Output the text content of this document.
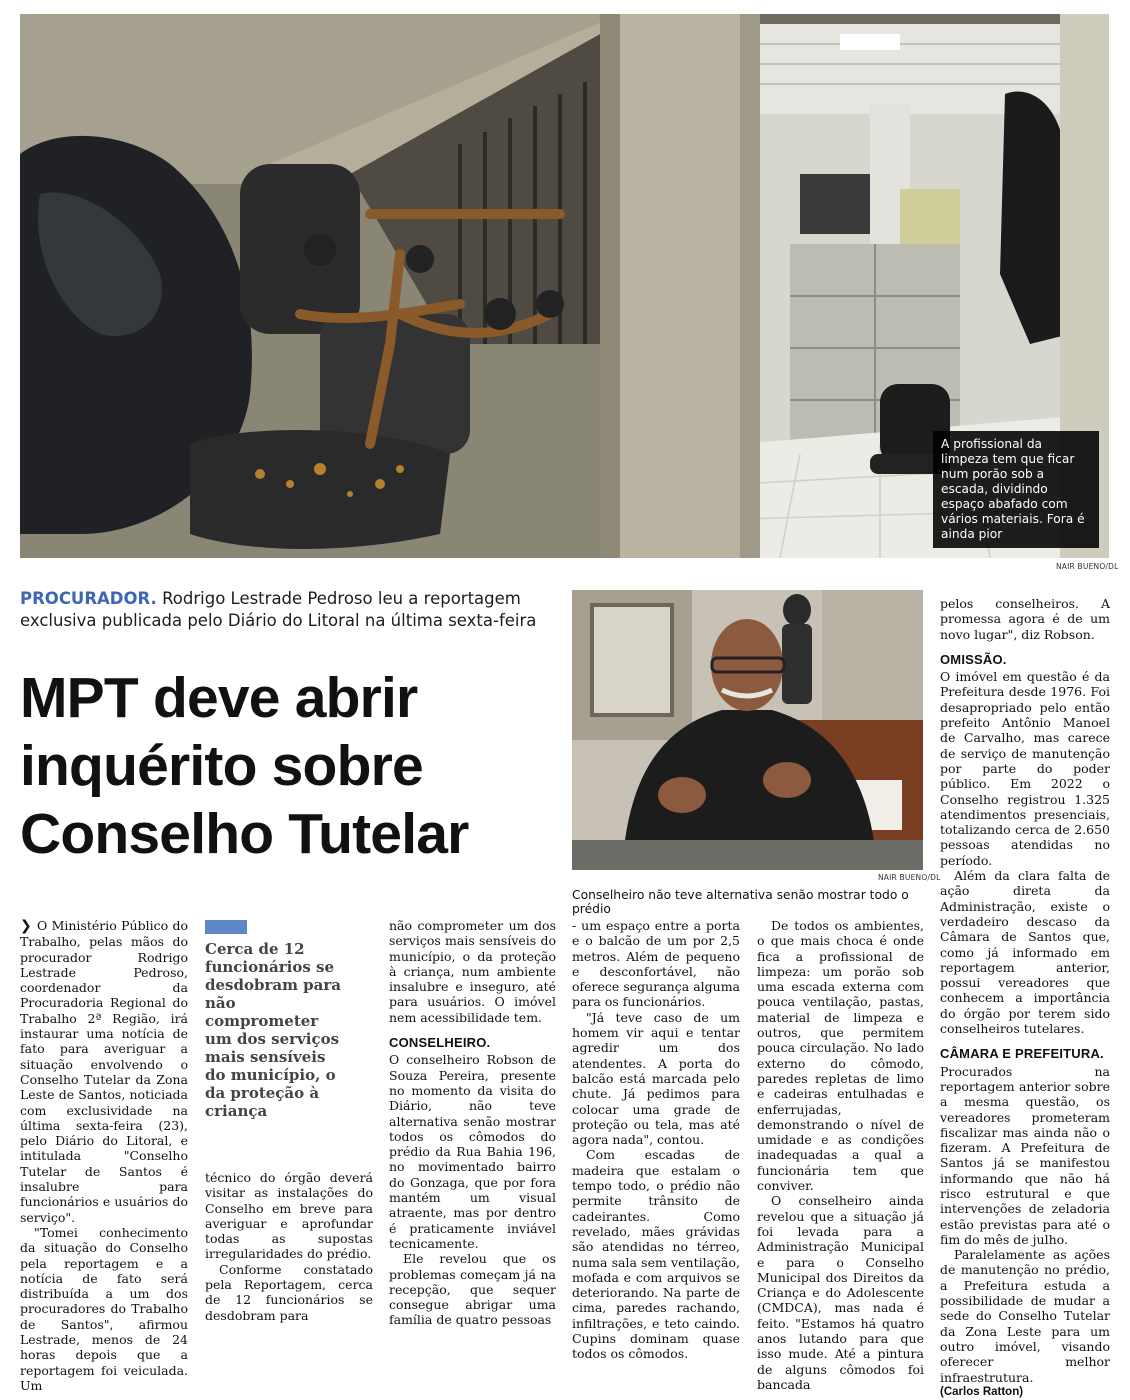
A profissional da limpeza tem que ficar num porão sob a escada, dividindo espaço abafado com vários materiais. Fora é ainda pior
NAIR BUENO/DL
PROCURADOR. Rodrigo Lestrade Pedroso leu a reportagem exclusiva publicada pelo Diário do Litoral na última sexta-feira
MPT deve abrir inquérito sobre Conselho Tutelar
NAIR BUENO/DL
Conselheiro não teve alternativa senão mostrar todo o prédio
Cerca de 12 funcionários se desdobram para não comprometer um dos serviços mais sensíveis do município, o da proteção à criança

❯ O Ministério Público do Trabalho, pelas mãos do procurador Rodrigo Lestrade Pedroso, coordenador da Procuradoria Regional do Trabalho 2ª Região, irá instaurar uma notícia de fato para averiguar a situação envolvendo o Conselho Tutelar da Zona Leste de Santos, noticiada com exclusividade na última sexta-feira (23), pelo Diário do Litoral, e intitulada "Conselho Tutelar de Santos é insalubre para funcionários e usuários do serviço".

"Tomei conhecimento da situação do Conselho pela reportagem e a notícia de fato será distribuída a um dos procuradores do Trabalho de Santos", afirmou Lestrade, menos de 24 horas depois que a reportagem foi veiculada. Um

técnico do órgão deverá visitar as instalações do Conselho em breve para averiguar e aprofundar todas as supostas irregularidades do prédio.

Conforme constatado pela Reportagem, cerca de 12 funcionários se desdobram para

não comprometer um dos serviços mais sensíveis do município, o da proteção à criança, num ambiente insalubre e inseguro, até para usuários. O imóvel nem acessibilidade tem.

CONSELHEIRO.

O conselheiro Robson de Souza Pereira, presente no momento da visita do Diário, não teve alternativa senão mostrar todos os cômodos do prédio da Rua Bahia 196, no movimentado bairro do Gonzaga, que por fora mantém um visual atraente, mas por dentro é praticamente inviável tecnicamente.

Ele revelou que os problemas começam já na recepção, que sequer consegue abrigar uma família de quatro pessoas

- um espaço entre a porta e o balcão de um por 2,5 metros. Além de pequeno e desconfortável, não oferece segurança alguma para os funcionários.

"Já teve caso de um homem vir aqui e tentar agredir um dos atendentes. A porta do balcão está marcada pelo chute. Já pedimos para colocar uma grade de proteção ou tela, mas até agora nada", contou.

Com escadas de madeira que estalam o tempo todo, o prédio não permite trânsito de cadeirantes. Como revelado, mães grávidas são atendidas no térreo, numa sala sem ventilação, mofada e com arquivos se deteriorando. Na parte de cima, paredes rachando, infiltrações, e teto caindo. Cupins dominam quase todos os cômodos.

De todos os ambientes, o que mais choca é onde fica a profissional de limpeza: um porão sob uma escada externa com pouca ventilação, pastas, material de limpeza e outros, que permitem pouca circulação. No lado externo do cômodo, paredes repletas de limo e cadeiras entulhadas e enferrujadas, demonstrando o nível de umidade e as condições inadequadas a qual a funcionária tem que conviver.

O conselheiro ainda revelou que a situação já foi levada para a Administração Municipal e para o Conselho Municipal dos Direitos da Criança e do Adolescente (CMDCA), mas nada é feito. "Estamos há quatro anos lutando para que isso mude. Até a pintura de alguns cômodos foi bancada

pelos conselheiros. A promessa agora é de um novo lugar", diz Robson.

OMISSÃO.

O imóvel em questão é da Prefeitura desde 1976. Foi desapropriado pelo então prefeito Antônio Manoel de Carvalho, mas carece de serviço de manutenção por parte do poder público. Em 2022 o Conselho registrou 1.325 atendimentos presenciais, totalizando cerca de 2.650 pessoas atendidas no período.

Além da clara falta de ação direta da Administração, existe o verdadeiro descaso da Câmara de Santos que, como já informado em reportagem anterior, possui vereadores que conhecem a importância do órgão por terem sido conselheiros tutelares.

CÂMARA E PREFEITURA.

Procurados na reportagem anterior sobre a mesma questão, os vereadores prometeram fiscalizar mas ainda não o fizeram. A Prefeitura de Santos já se manifestou informando que não há risco estrutural e que intervenções de zeladoria estão previstas para até o fim do mês de julho.

Paralelamente as ações de manutenção no prédio, a Prefeitura estuda a possibilidade de mudar a sede do Conselho Tutelar da Zona Leste para um outro imóvel, visando oferecer melhor infraestrutura.

(Carlos Ratton)
